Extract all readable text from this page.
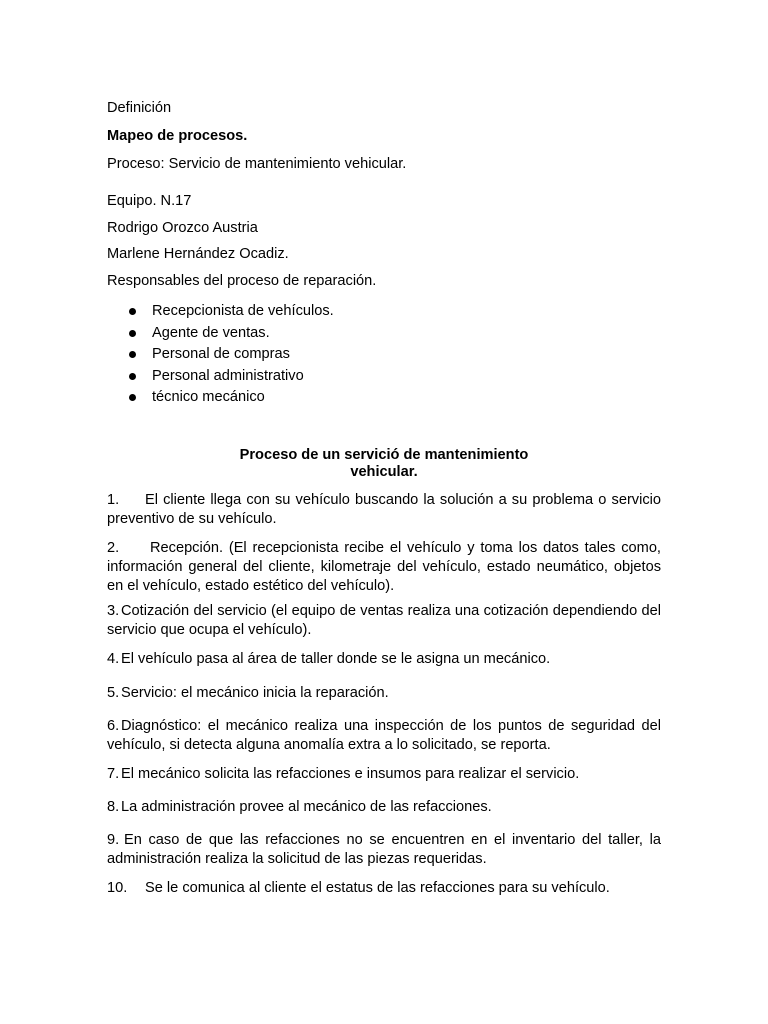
Definición
Mapeo de procesos.
Proceso: Servicio de mantenimiento vehicular.
Equipo. N.17
Rodrigo Orozco Austria
Marlene Hernández Ocadiz.
Responsables del proceso de reparación.
Recepcionista de vehículos.
Agente de ventas.
Personal de compras
Personal administrativo
técnico mecánico
Proceso de un servició de mantenimiento
vehicular.
1. El cliente llega con su vehículo buscando la solución a su problema o servicio preventivo de su vehículo.
2. Recepción. (El recepcionista recibe el vehículo y toma los datos tales como, información general del cliente, kilometraje del vehículo, estado neumático, objetos en el vehículo, estado estético del vehículo).
3. Cotización del servicio (el equipo de ventas realiza una cotización dependiendo del servicio que ocupa el vehículo).
4. El vehículo pasa al área de taller donde se le asigna un mecánico.
5. Servicio: el mecánico inicia la reparación.
6. Diagnóstico: el mecánico realiza una inspección de los puntos de seguridad del vehículo, si detecta alguna anomalía extra a lo solicitado, se reporta.
7. El mecánico solicita las refacciones e insumos para realizar el servicio.
8. La administración provee al mecánico de las refacciones.
9. En caso de que las refacciones no se encuentren en el inventario del taller, la administración realiza la solicitud de las piezas requeridas.
10. Se le comunica al cliente el estatus de las refacciones para su vehículo.
